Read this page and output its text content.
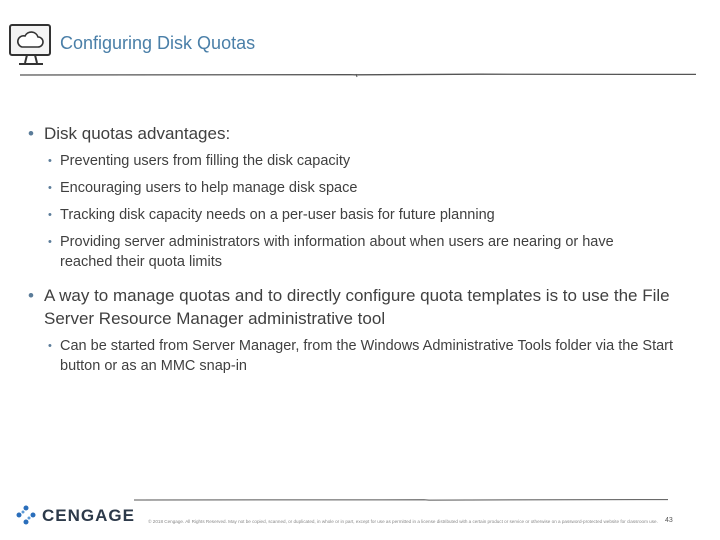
Configuring Disk Quotas
• Disk quotas advantages:
• Preventing users from filling the disk capacity
• Encouraging users to help manage disk space
• Tracking disk capacity needs on a per-user basis for future planning
• Providing server administrators with information about when users are nearing or have reached their quota limits
• A way to manage quotas and to directly configure quota templates is to use the File Server Resource Manager administrative tool
• Can be started from Server Manager, from the Windows Administrative Tools folder via the Start button or as an MMC snap-in
CENGAGE	© 2018 Cengage. All Rights Reserved. May not be copied, scanned, or duplicated, in whole or in part, except for use as permitted in a license distributed with a certain product or service or otherwise on a password-protected website for classroom use.	43
